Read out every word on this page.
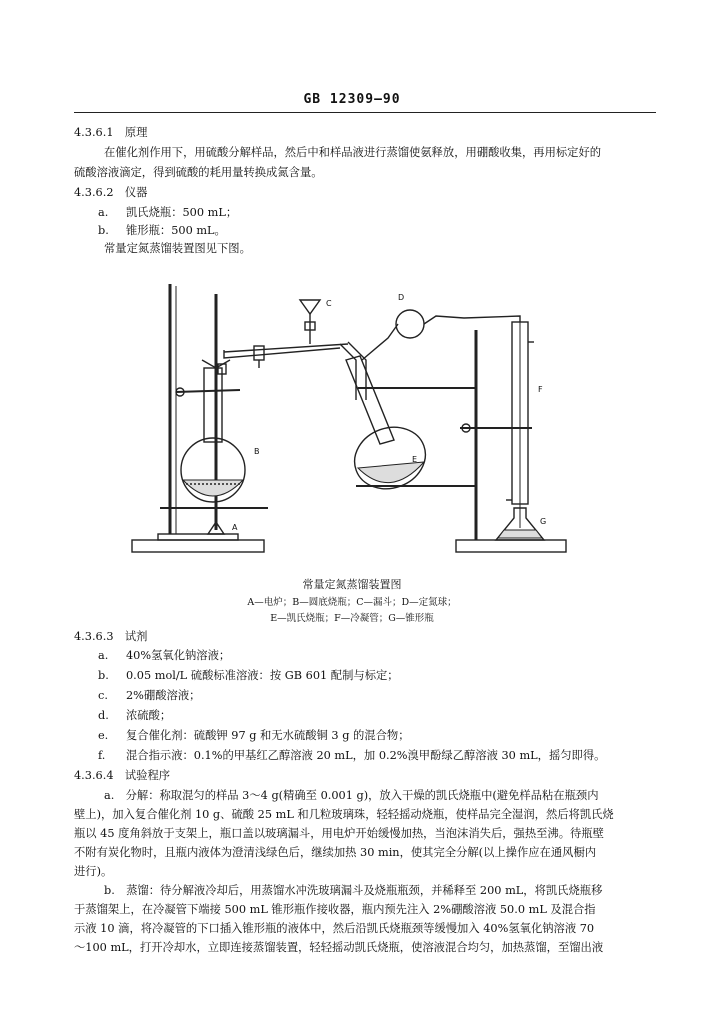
GB 12309—90
4.3.6.1　 原理
在催化剂作用下，用硫酸分解样品，然后中和样品液进行蒸馏使氨释放，用硼酸收集，再用标定好的
硫酸溶液滴定，得到硫酸的耗用量转换成氮含量。
4.3.6.2　 仪器
a. 凯氏烧瓶：500 mL；
b. 锥形瓶：500 mL。
常量定氮蒸馏装置图见下图。
A
B
C
E
D
F
G
常量定氮蒸馏装置图
A—电炉；B—圆底烧瓶；C—漏斗；D—定氮球；
E—凯氏烧瓶；F—冷凝管；G—锥形瓶
4.3.6.3　 试剂
a. 40%氢氧化钠溶液；
b. 0.05 mol/L 硫酸标准溶液：按 GB 601 配制与标定；
c. 2%硼酸溶液；
d. 浓硫酸；
e. 复合催化剂：硫酸钾 97 g 和无水硫酸铜 3 g 的混合物；
f. 混合指示液：0.1%的甲基红乙醇溶液 20 mL，加 0.2%溴甲酚绿乙醇溶液 30 mL，摇匀即得。
4.3.6.4　 试验程序
a.　分解：称取混匀的样品 3～4 g(精确至 0.001 g)，放入干燥的凯氏烧瓶中(避免样品粘在瓶颈内
壁上)，加入复合催化剂 10 g、硫酸 25 mL 和几粒玻璃珠，轻轻摇动烧瓶，使样品完全湿润，然后将凯氏烧
瓶以 45 度角斜放于支架上，瓶口盖以玻璃漏斗，用电炉开始缓慢加热，当泡沫消失后，强热至沸。待瓶壁
不附有炭化物时，且瓶内液体为澄清浅绿色后，继续加热 30 min，使其完全分解(以上操作应在通风橱内
进行)。
b.　蒸馏：待分解液冷却后，用蒸馏水冲洗玻璃漏斗及烧瓶瓶颈，并稀释至 200 mL，将凯氏烧瓶移
于蒸馏架上，在冷凝管下端接 500 mL 锥形瓶作接收器，瓶内预先注入 2%硼酸溶液 50.0 mL 及混合指
示液 10 滴，将冷凝管的下口插入锥形瓶的液体中，然后沿凯氏烧瓶颈等缓慢加入 40%氢氧化钠溶液 70
～100 mL，打开冷却水，立即连接蒸馏装置，轻轻摇动凯氏烧瓶，使溶液混合均匀，加热蒸馏，至馏出液
